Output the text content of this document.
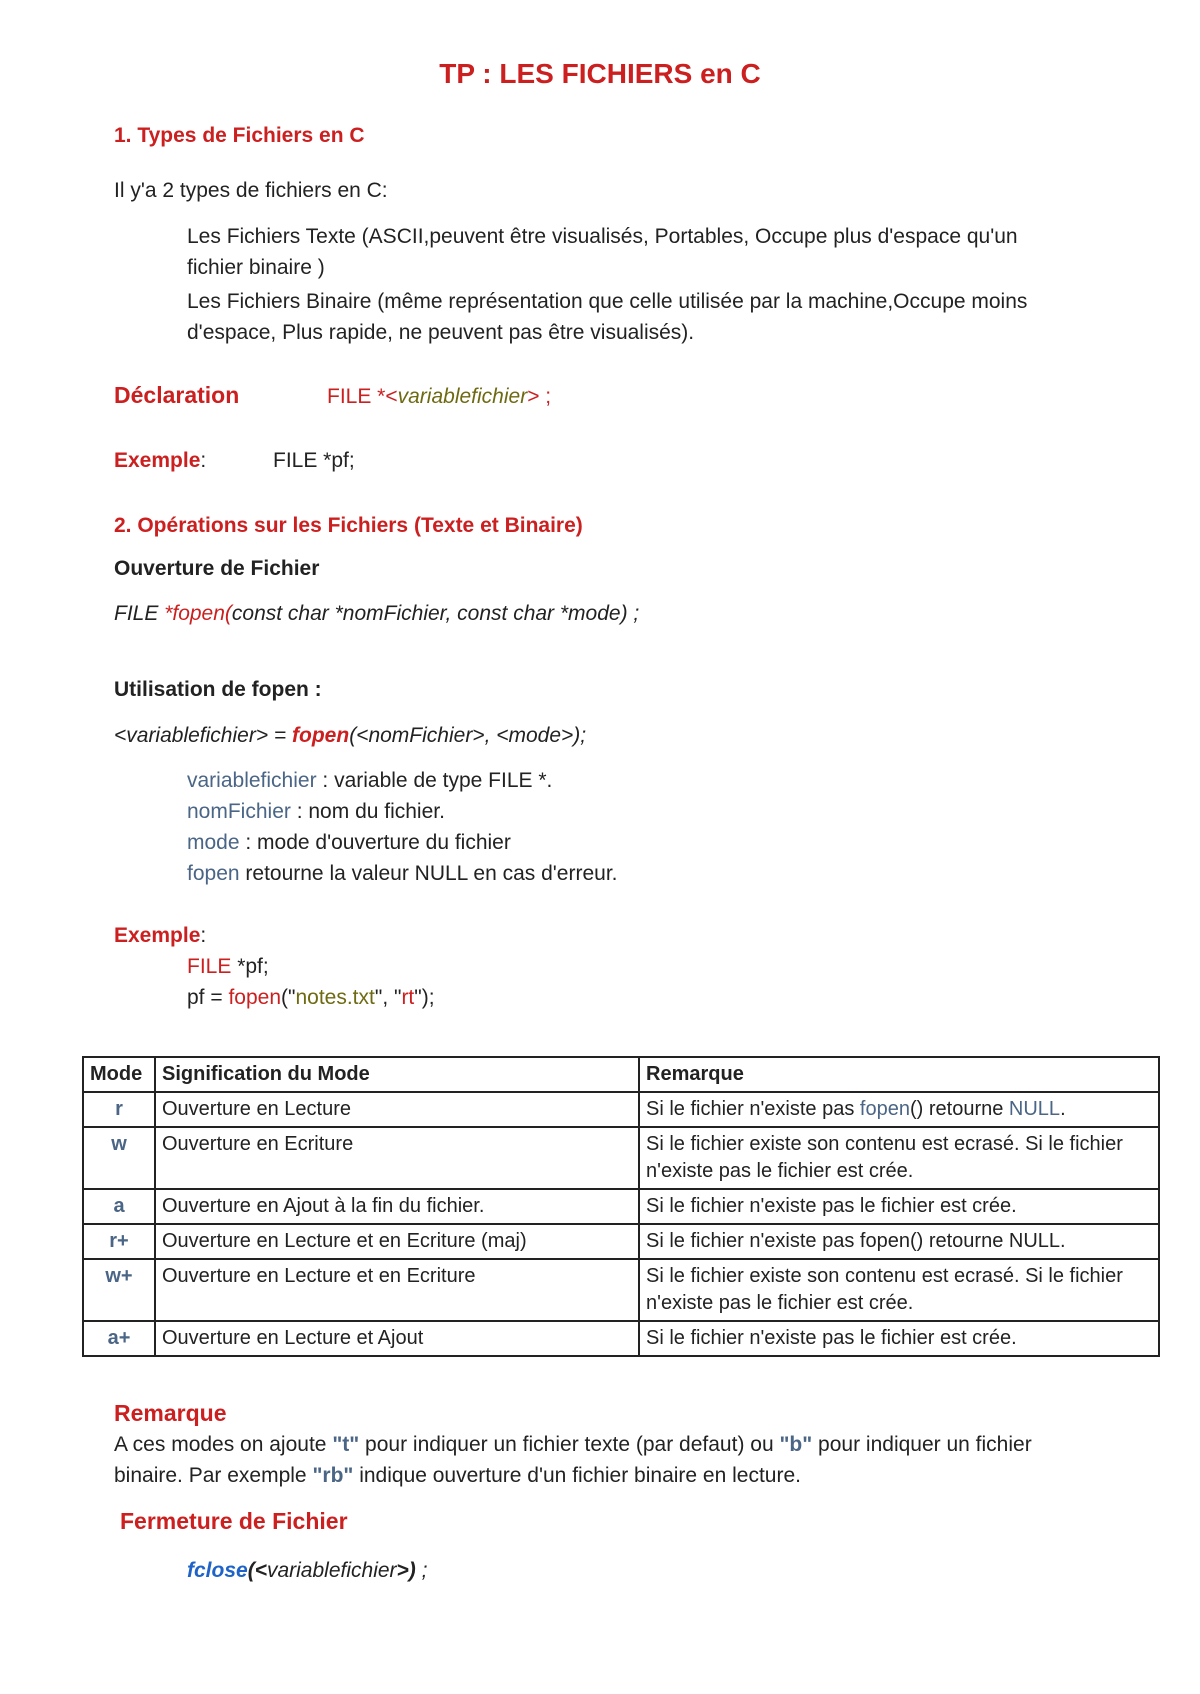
TP : LES FICHIERS en C
1. Types de Fichiers en C
Il y'a 2 types de fichiers en C:
Les Fichiers Texte (ASCII,peuvent être visualisés, Portables, Occupe plus d'espace qu'un
fichier binaire )
Les Fichiers Binaire (même représentation que celle utilisée par la machine,Occupe moins
d'espace, Plus rapide, ne peuvent pas être visualisés).
Déclaration	FILE *<variablefichier> ;
Exemple:	FILE *pf;
2. Opérations sur les Fichiers (Texte et Binaire)
Ouverture de Fichier
FILE *fopen(const char *nomFichier, const char *mode) ;
Utilisation de fopen :
<variablefichier> = fopen(<nomFichier>, <mode>);
variablefichier : variable de type FILE *.
nomFichier : nom du fichier.
mode : mode d'ouverture du fichier
fopen retourne la valeur NULL en cas d'erreur.
Exemple:
FILE *pf;
pf = fopen("notes.txt", "rt");
Mode	Signification du Mode	Remarque
r	Ouverture en Lecture	Si le fichier n'existe pas fopen() retourne NULL.
w	Ouverture en Ecriture	Si le fichier existe son contenu est ecrasé. Si le fichier n'existe pas le fichier est crée.
a	Ouverture en Ajout à la fin du fichier.	Si le fichier n'existe pas le fichier est crée.
r+	Ouverture en Lecture et en Ecriture (maj)	Si le fichier n'existe pas fopen() retourne NULL.
w+	Ouverture en Lecture et en Ecriture	Si le fichier existe son contenu est ecrasé. Si le fichier n'existe pas le fichier est crée.
a+	Ouverture en Lecture et Ajout	Si le fichier n'existe pas le fichier est crée.
Remarque
A ces modes on ajoute "t" pour indiquer un fichier texte (par defaut) ou "b" pour indiquer un fichier
binaire. Par exemple "rb" indique ouverture d'un fichier binaire en lecture.
Fermeture de Fichier
fclose(<variablefichier>) ;
